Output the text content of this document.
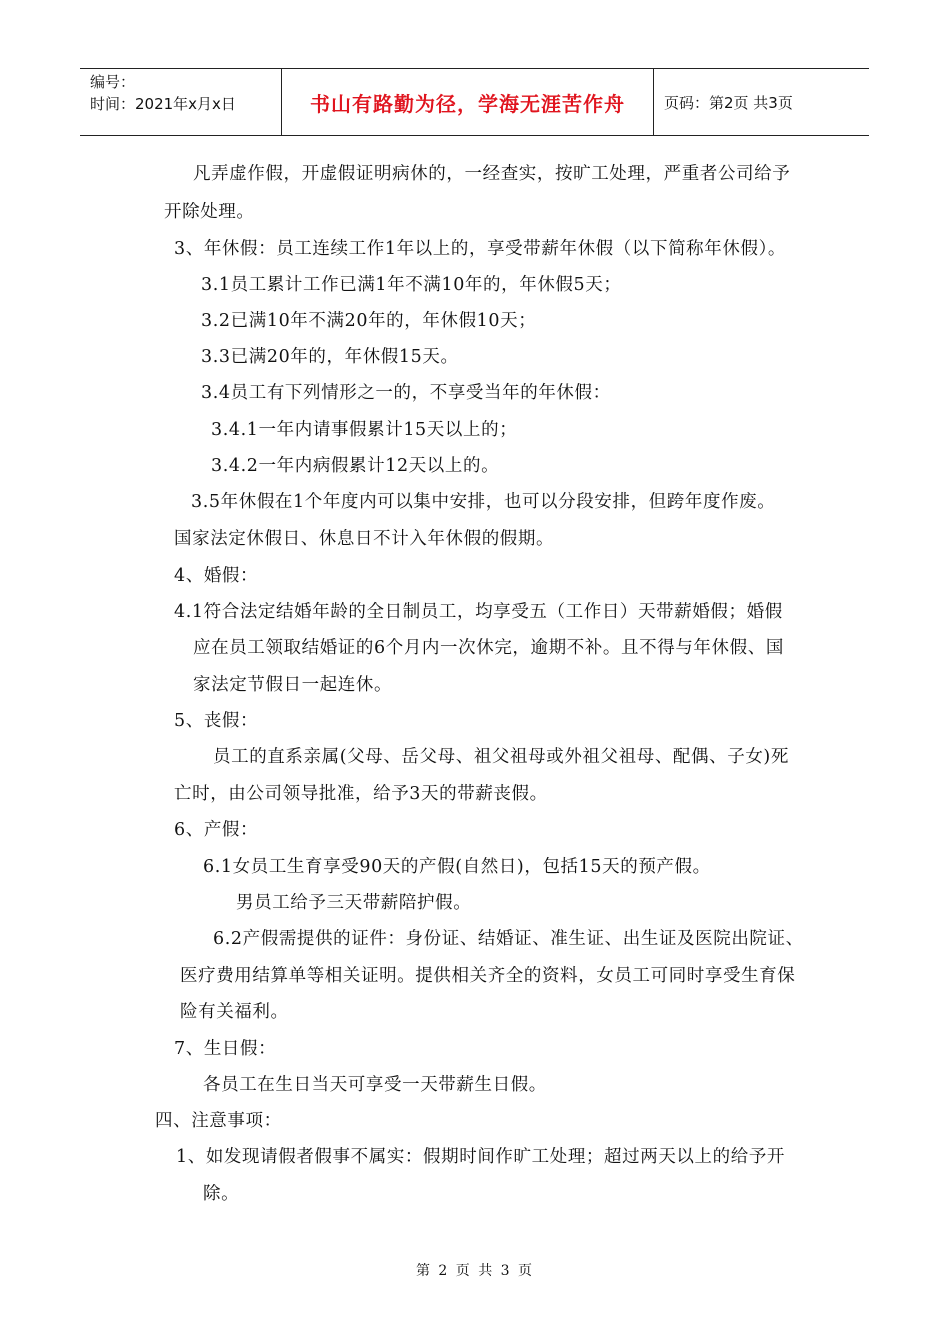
编号：
时间：2021年x月x日	书山有路勤为径，学海无涯苦作舟	页码：第2页 共3页
凡弄虚作假，开虚假证明病休的，一经查实，按旷工处理，严重者公司给予
开除处理。
3、年休假：员工连续工作1年以上的，享受带薪年休假（以下简称年休假）。
3.1员工累计工作已满1年不满10年的，年休假5天；
3.2已满10年不满20年的，年休假10天；
3.3已满20年的，年休假15天。
3.4员工有下列情形之一的，不享受当年的年休假：
3.4.1一年内请事假累计15天以上的；
3.4.2一年内病假累计12天以上的。
3.5年休假在1个年度内可以集中安排，也可以分段安排，但跨年度作废。
国家法定休假日、休息日不计入年休假的假期。
4、婚假：
4.1符合法定结婚年龄的全日制员工，均享受五（工作日）天带薪婚假；婚假
应在员工领取结婚证的6个月内一次休完，逾期不补。且不得与年休假、国
家法定节假日一起连休。
5、丧假：
员工的直系亲属(父母、岳父母、祖父祖母或外祖父祖母、配偶、子女)死
亡时，由公司领导批准，给予3天的带薪丧假。
6、产假：
6.1女员工生育享受90天的产假(自然日)，包括15天的预产假。
男员工给予三天带薪陪护假。
6.2产假需提供的证件：身份证、结婚证、准生证、出生证及医院出院证、
医疗费用结算单等相关证明。提供相关齐全的资料，女员工可同时享受生育保
险有关福利。
7、生日假：
各员工在生日当天可享受一天带薪生日假。
四、注意事项：
1、如发现请假者假事不属实：假期时间作旷工处理；超过两天以上的给予开
除。
第 2 页 共 3 页
